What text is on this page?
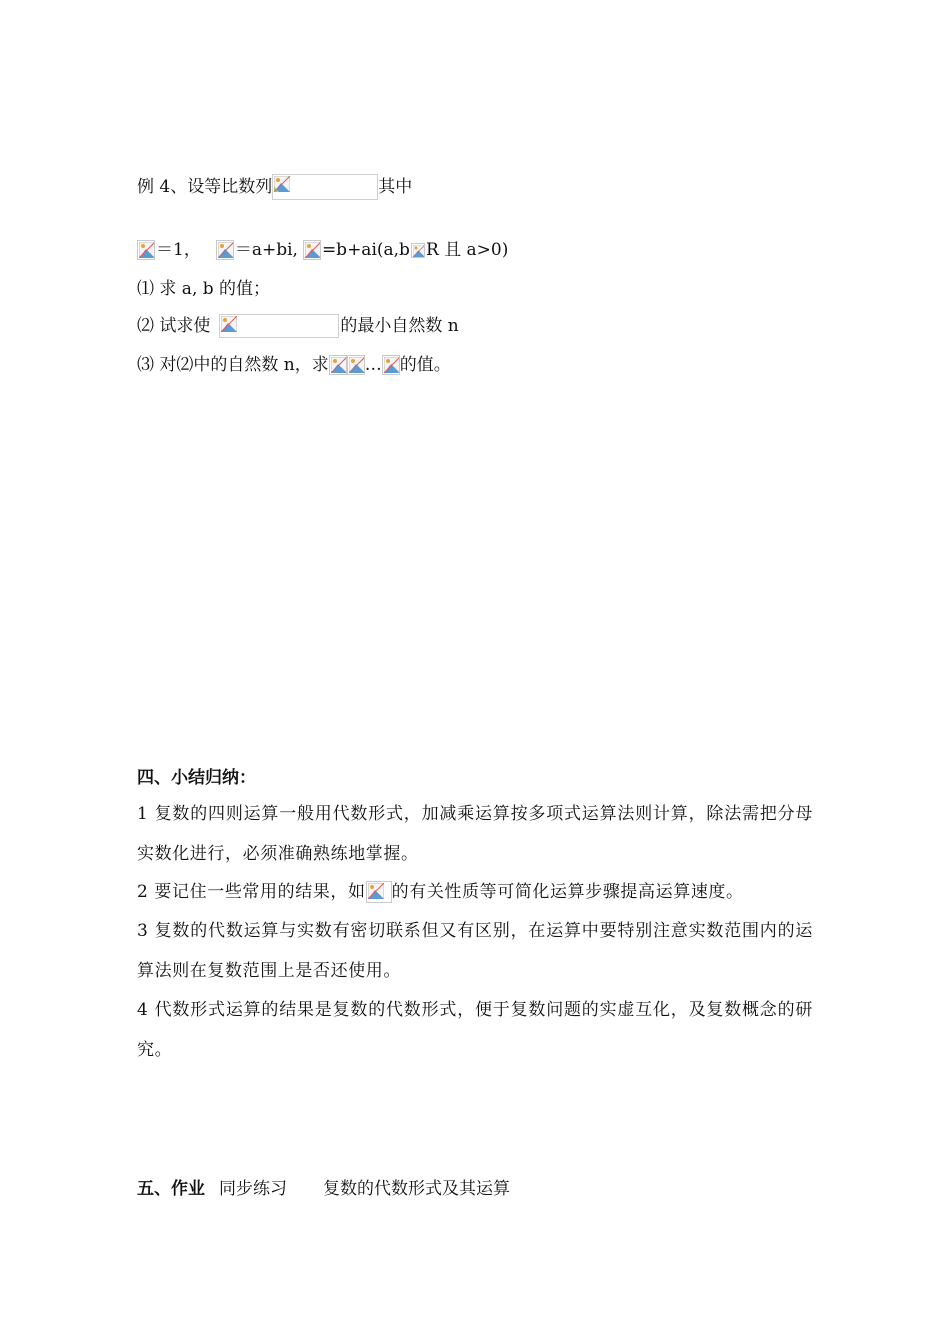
例 4、设等比数列	其中
＝1， ＝a+bi, =b+ai(a,b R 且 a>0)
⑴ 求 a, b 的值；
⑵ 试求使	的最小自然数 n
⑶ 对⑵中的自然数 n，求 … 的值。
四、小结归纳：
1 复数的四则运算一般用代数形式，加减乘运算按多项式运算法则计算，除法需把分母实数化进行，必须准确熟练地掌握。
2 要记住一些常用的结果，如 的有关性质等可简化运算步骤提高运算速度。
3 复数的代数运算与实数有密切联系但又有区别，在运算中要特别注意实数范围内的运算法则在复数范围上是否还使用。
4 代数形式运算的结果是复数的代数形式，便于复数问题的实虚互化，及复数概念的研究。
五、作业 同步练习 复数的代数形式及其运算
